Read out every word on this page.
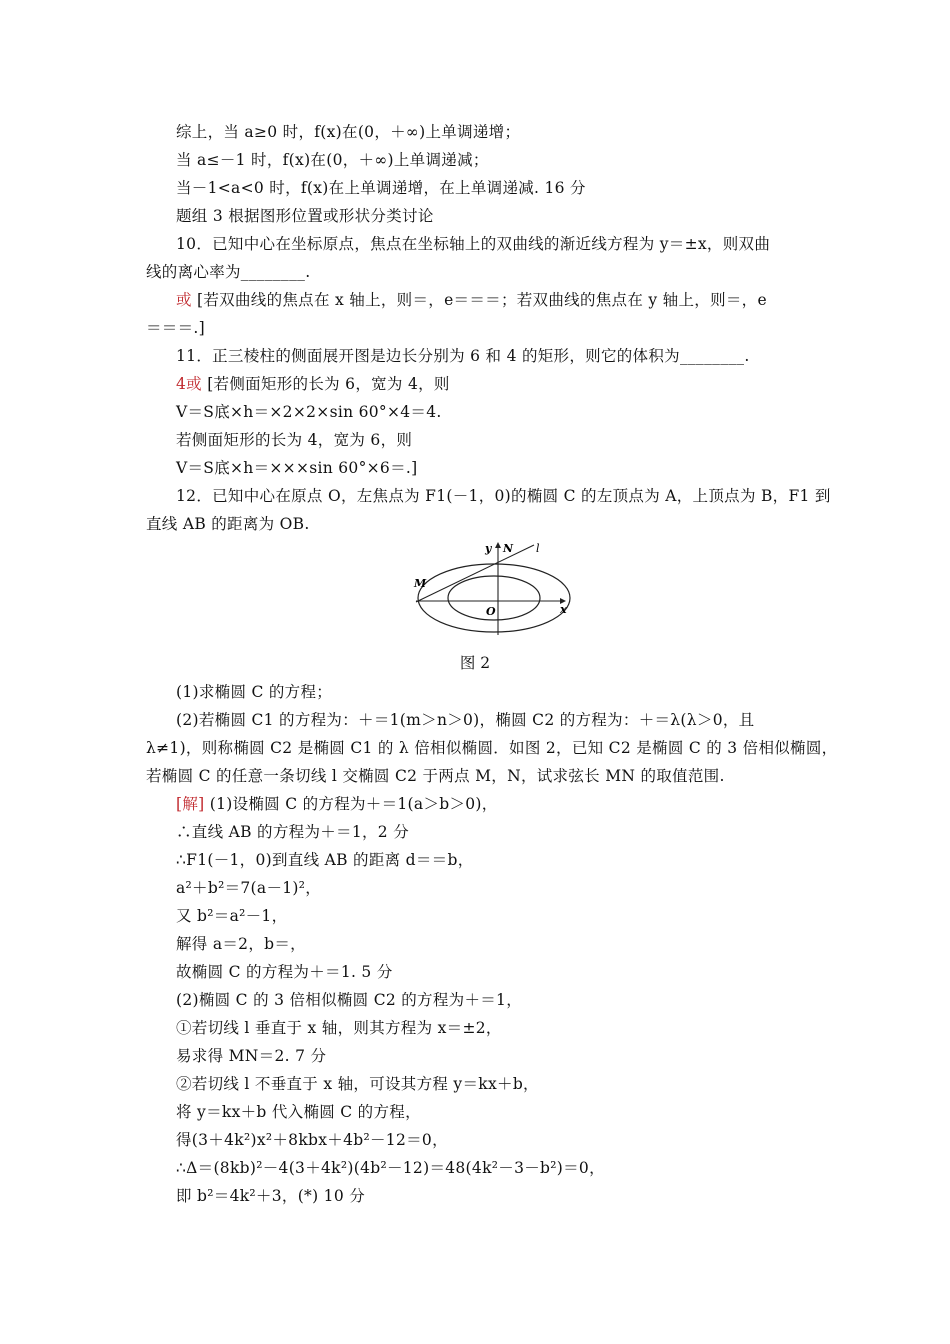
综上，当 a≥0 时，f(x)在(0，＋∞)上单调递增；
当 a≤－1 时，f(x)在(0，＋∞)上单调递减；
当－1<a<0 时，f(x)在上单调递增，在上单调递减. 16 分
题组 3 根据图形位置或形状分类讨论
10．已知中心在坐标原点，焦点在坐标轴上的双曲线的渐近线方程为 y＝±x，则双曲
线的离心率为________.
或 [若双曲线的焦点在 x 轴上，则＝，e＝＝＝；若双曲线的焦点在 y 轴上，则＝，e
＝＝＝.]
11．正三棱柱的侧面展开图是边长分别为 6 和 4 的矩形，则它的体积为________.
4或 [若侧面矩形的长为 6，宽为 4，则
V＝S底×h＝×2×2×sin 60°×4＝4.
若侧面矩形的长为 4，宽为 6，则
V＝S底×h＝×××sin 60°×6＝.]
12．已知中心在原点 O，左焦点为 F1(－1，0)的椭圆 C 的左顶点为 A，上顶点为 B，F1 到
直线 AB 的距离为 OB.
y N l
M
O	x
图 2
(1)求椭圆 C 的方程；
(2)若椭圆 C1 的方程为：＋＝1(m＞n＞0)，椭圆 C2 的方程为：＋＝λ(λ＞0，且
λ≠1)，则称椭圆 C2 是椭圆 C1 的 λ 倍相似椭圆．如图 2，已知 C2 是椭圆 C 的 3 倍相似椭圆，
若椭圆 C 的任意一条切线 l 交椭圆 C2 于两点 M，N，试求弦长 MN 的取值范围.
[解] (1)设椭圆 C 的方程为＋＝1(a＞b＞0)，
∴直线 AB 的方程为＋＝1，2 分
∴F1(－1，0)到直线 AB 的距离 d＝＝b，
a²＋b²＝7(a－1)²，
又 b²＝a²－1，
解得 a＝2，b＝，
故椭圆 C 的方程为＋＝1. 5 分
(2)椭圆 C 的 3 倍相似椭圆 C2 的方程为＋＝1，
①若切线 l 垂直于 x 轴，则其方程为 x＝±2，
易求得 MN＝2. 7 分
②若切线 l 不垂直于 x 轴，可设其方程 y＝kx＋b，
将 y＝kx＋b 代入椭圆 C 的方程，
得(3＋4k²)x²＋8kbx＋4b²－12＝0，
∴Δ＝(8kb)²－4(3＋4k²)(4b²－12)＝48(4k²－3－b²)＝0，
即 b²＝4k²＋3，(*) 10 分
